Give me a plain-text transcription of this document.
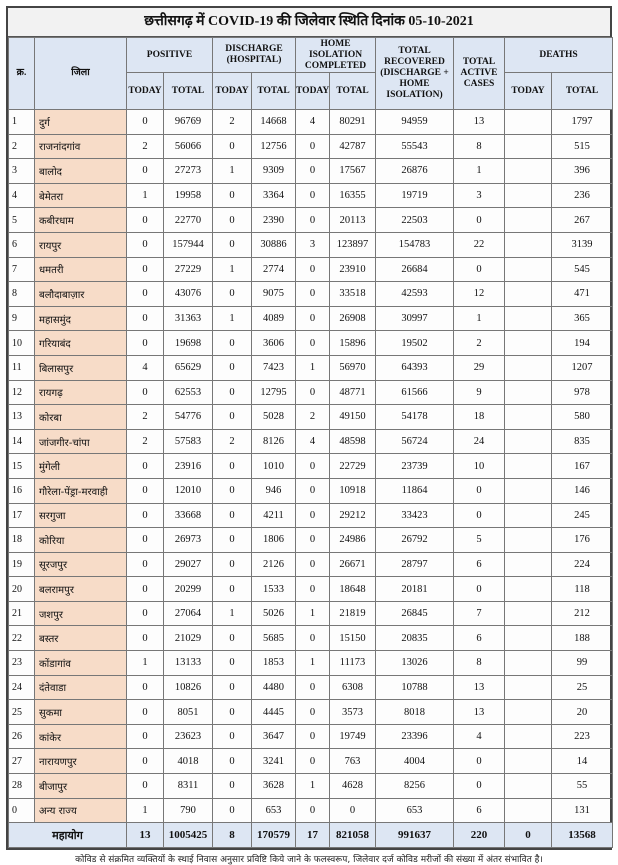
छत्तीसगढ़ में COVID-19 की जिलेवार स्थिति दिनांक 05-10-2021
क्र.	जिला	POSITIVE		DISCHARGE (HOSPITAL)		HOME ISOLATION COMPLETED		TOTAL RECOVERED (DISCHARGE + HOME ISOLATION)	TOTAL ACTIVE CASES	DEATHS	
		TODAY	TOTAL	TODAY	TOTAL	TODAY	TOTAL			TODAY	TOTAL
1	दुर्ग	0	96769	2	14668	4	80291	94959	13		1797
2	राजनांदगांव	2	56066	0	12756	0	42787	55543	8		515
3	बालोद	0	27273	1	9309	0	17567	26876	1		396
4	बेमेतरा	1	19958	0	3364	0	16355	19719	3		236
5	कबीरधाम	0	22770	0	2390	0	20113	22503	0		267
6	रायपुर	0	157944	0	30886	3	123897	154783	22		3139
7	धमतरी	0	27229	1	2774	0	23910	26684	0		545
8	बलौदाबाज़ार	0	43076	0	9075	0	33518	42593	12		471
9	महासमुंद	0	31363	1	4089	0	26908	30997	1		365
10	गरियाबंद	0	19698	0	3606	0	15896	19502	2		194
11	बिलासपुर	4	65629	0	7423	1	56970	64393	29		1207
12	रायगढ़	0	62553	0	12795	0	48771	61566	9		978
13	कोरबा	2	54776	0	5028	2	49150	54178	18		580
14	जांजगीर-चांपा	2	57583	2	8126	4	48598	56724	24		835
15	मुंगेली	0	23916	0	1010	0	22729	23739	10		167
16	गौरेला-पेंड्रा-मरवाही	0	12010	0	946	0	10918	11864	0		146
17	सरगुजा	0	33668	0	4211	0	29212	33423	0		245
18	कोरिया	0	26973	0	1806	0	24986	26792	5		176
19	सूरजपुर	0	29027	0	2126	0	26671	28797	6		224
20	बलरामपुर	0	20299	0	1533	0	18648	20181	0		118
21	जशपुर	0	27064	1	5026	1	21819	26845	7		212
22	बस्तर	0	21029	0	5685	0	15150	20835	6		188
23	कोंडागांव	1	13133	0	1853	1	11173	13026	8		99
24	दंतेवाडा	0	10826	0	4480	0	6308	10788	13		25
25	सुकमा	0	8051	0	4445	0	3573	8018	13		20
26	कांकेर	0	23623	0	3647	0	19749	23396	4		223
27	नारायणपुर	0	4018	0	3241	0	763	4004	0		14
28	बीजापुर	0	8311	0	3628	1	4628	8256	0		55
0	अन्य राज्य	1	790	0	653	0	0	653	6		131
महायोग		13	1005425	8	170579	17	821058	991637	220	0	13568
कोविड से संक्रमित व्यक्तियों के स्थाई निवास अनुसार प्रविष्टि किये जाने के फलस्वरूप, जिलेवार दर्ज कोविड मरीजों की संख्या में अंतर संभावित है।
